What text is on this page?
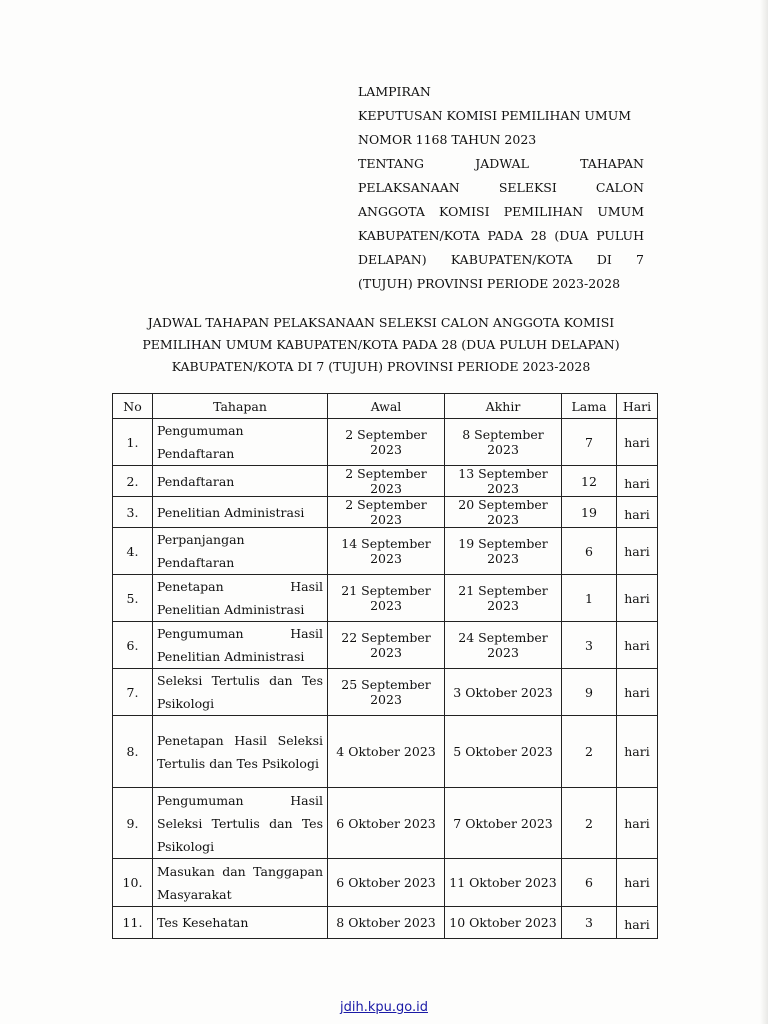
LAMPIRAN
KEPUTUSAN KOMISI PEMILIHAN UMUM
NOMOR 1168 TAHUN 2023
TENTANG JADWAL TAHAPAN
PELAKSANAAN SELEKSI CALON
ANGGOTA KOMISI PEMILIHAN UMUM
KABUPATEN/KOTA PADA 28 (DUA PULUH
DELAPAN) KABUPATEN/KOTA DI 7
(TUJUH) PROVINSI PERIODE 2023-2028
JADWAL TAHAPAN PELAKSANAAN SELEKSI CALON ANGGOTA KOMISI
PEMILIHAN UMUM KABUPATEN/KOTA PADA 28 (DUA PULUH DELAPAN)
KABUPATEN/KOTA DI 7 (TUJUH) PROVINSI PERIODE 2023-2028
No	Tahapan	Awal	Akhir	Lama	Hari
1.	Pengumuman Pendaftaran	2 September 2023	8 September 2023	7	hari
2.	Pendaftaran	2 September 2023	13 September 2023	12	hari
3.	Penelitian Administrasi	2 September 2023	20 September 2023	19	hari
4.	Perpanjangan Pendaftaran	14 September 2023	19 September 2023	6	hari
5.	Penetapan Hasil Penelitian Administrasi	21 September 2023	21 September 2023	1	hari
6.	Pengumuman Hasil Penelitian Administrasi	22 September 2023	24 September 2023	3	hari
7.	Seleksi Tertulis dan Tes Psikologi	25 September 2023	3 Oktober 2023	9	hari
8.	Penetapan Hasil Seleksi Tertulis dan Tes Psikologi	4 Oktober 2023	5 Oktober 2023	2	hari
9.	Pengumuman Hasil Seleksi Tertulis dan Tes Psikologi	6 Oktober 2023	7 Oktober 2023	2	hari
10.	Masukan dan Tanggapan Masyarakat	6 Oktober 2023	11 Oktober 2023	6	hari
11.	Tes Kesehatan	8 Oktober 2023	10 Oktober 2023	3	hari
jdih.kpu.go.id
